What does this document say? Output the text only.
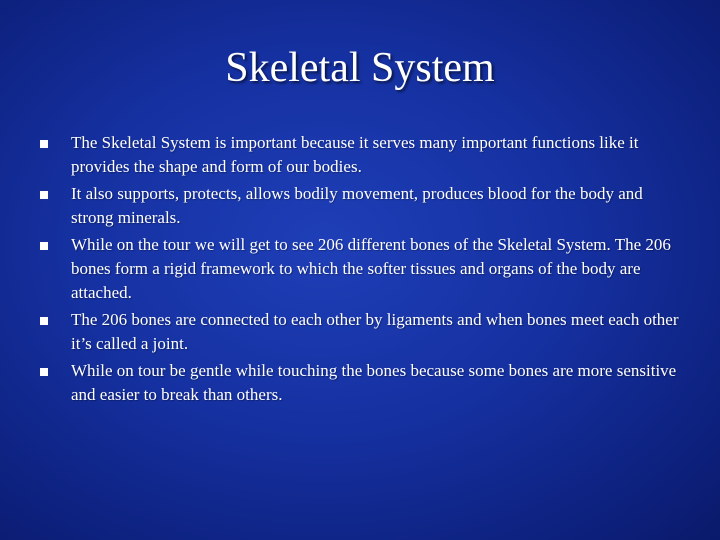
Skeletal System
The Skeletal System is important because it serves many important functions like it provides the shape and form of our bodies.
It also supports, protects, allows bodily movement, produces blood for the body and strong minerals.
While on the tour we will get to see 206 different bones of the Skeletal System. The 206 bones form a rigid framework to which the softer tissues and organs of the body are attached.
The 206 bones are connected to each other by ligaments and when bones meet each other it’s called a joint.
While on tour be gentle while touching the bones because some bones are more sensitive and easier to break than others.
